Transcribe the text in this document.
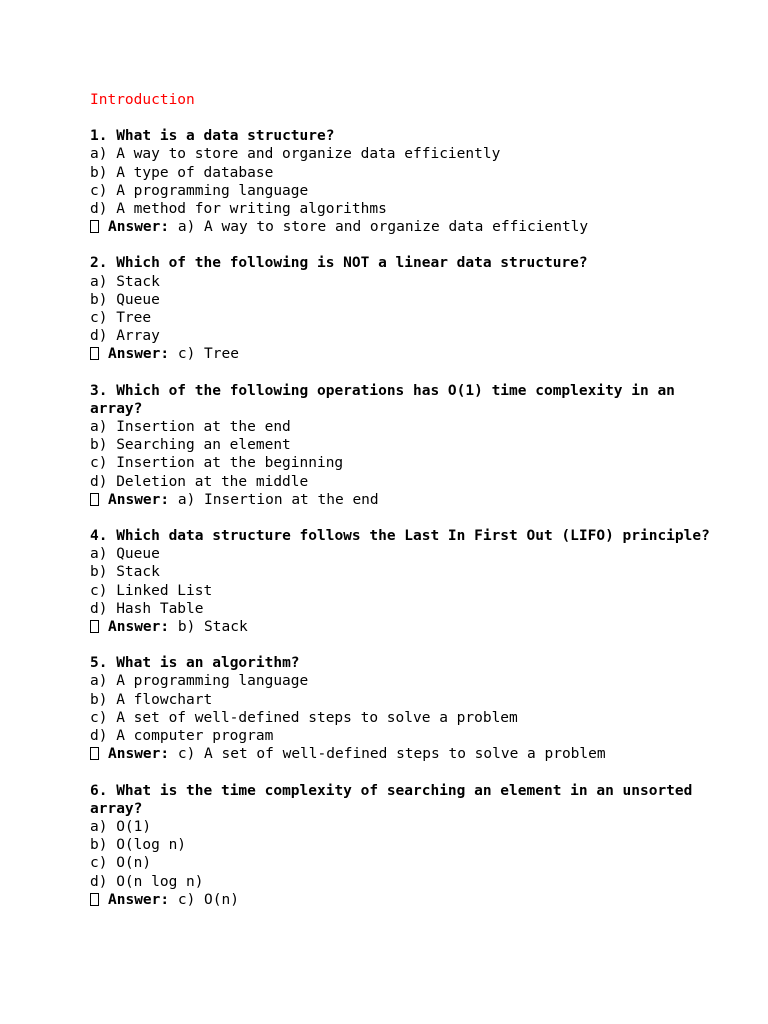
Introduction
1. What is a data structure?
a) A way to store and organize data efficiently
b) A type of database
c) A programming language
d) A method for writing algorithms
Answer: a) A way to store and organize data efficiently
2. Which of the following is NOT a linear data structure?
a) Stack
b) Queue
c) Tree
d) Array
Answer: c) Tree
3. Which of the following operations has O(1) time complexity in an array?
a) Insertion at the end
b) Searching an element
c) Insertion at the beginning
d) Deletion at the middle
Answer: a) Insertion at the end
4. Which data structure follows the Last In First Out (LIFO) principle?
a) Queue
b) Stack
c) Linked List
d) Hash Table
Answer: b) Stack
5. What is an algorithm?
a) A programming language
b) A flowchart
c) A set of well-defined steps to solve a problem
d) A computer program
Answer: c) A set of well-defined steps to solve a problem
6. What is the time complexity of searching an element in an unsorted array?
a) O(1)
b) O(log n)
c) O(n)
d) O(n log n)
Answer: c) O(n)
